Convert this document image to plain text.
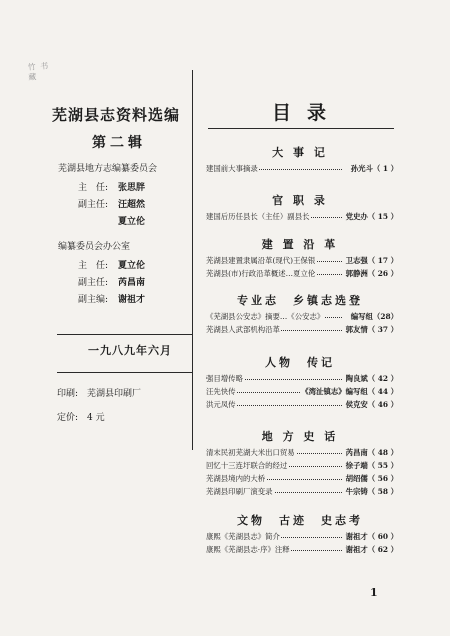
竹 书 藏
芜湖县志资料选编
第二辑
芜湖县地方志编纂委员会
主　任: 张思胖
副主任: 汪超然
夏立伦
编纂委员会办公室
主　任: 夏立伦
副主任: 芮昌南
副主编: 谢祖才
一九八九年六月
印刷:　芜湖县印刷厂
定价:　4 元
目录
大 事 记
建国前大事摘录	孙光斗（ 1 ）
官 职 录
建国后历任县长（主任）副县长	党史办（ 15 ）
建 置 沿 革
芜湖县建置隶属沿革(现代)王保银	卫志强（ 17 ）
芜湖县(市)行政沿革概述…夏立伦	郭静洲（ 26 ）
专业志　乡镇志选登
《芜湖县公安志》摘要…《公安志》	编写组（28）
芜湖县人武部机构沿革	郭友情（ 37 ）
人物　传记
强目增传略	陶良斌（ 42 ）
汪先快传	《湾沚镇志》编写组（ 44 ）
洪元凤传	侯克安（ 46 ）
地 方 史 话
清末民初芜湖大米出口贸易	芮昌南（ 48 ）
回忆十三连圩联合的经过	徐子端（ 55 ）
芜湖县境内的大桥	胡绍儒（ 56 ）
芜湖县印刷厂演变录	牛宗铸（ 58 ）
文物　古迹　史志考
康熙《芜湖县志》简介	谢祖才（ 60 ）
康熙《芜湖县志·序》注释	谢祖才（ 62 ）
1
